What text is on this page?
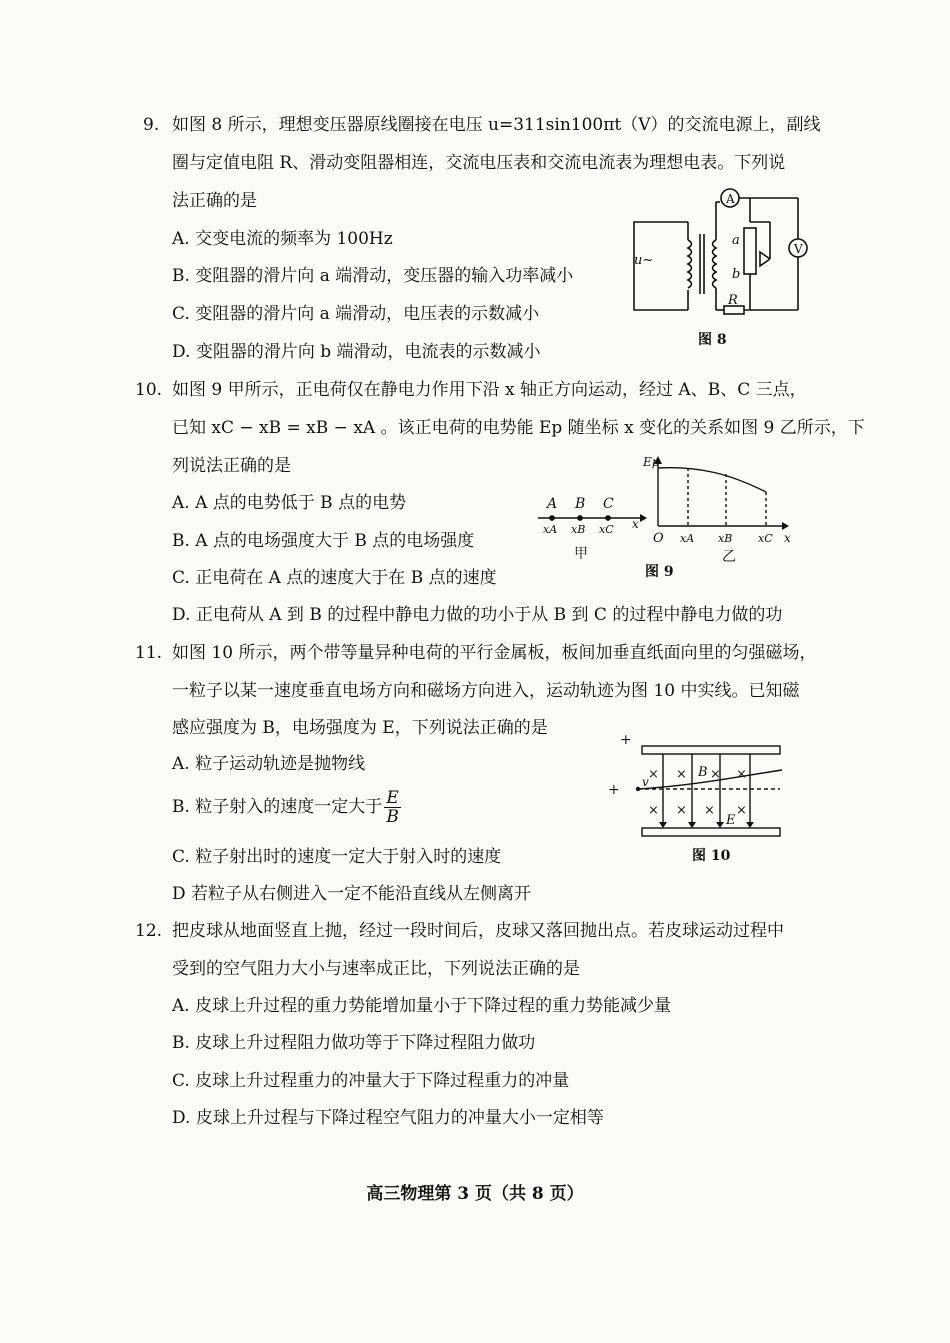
9. 如图 8 所示，理想变压器原线圈接在电压 u=311sin100πt（V）的交流电源上，副线
圈与定值电阻 R、滑动变阻器相连，交流电压表和交流电流表为理想电表。下列说
法正确的是
A. 交变电流的频率为 100Hz
B. 变阻器的滑片向 a 端滑动，变压器的输入功率减小
C. 变阻器的滑片向 a 端滑动，电压表的示数减小
D. 变阻器的滑片向 b 端滑动，电流表的示数减小
u~
A
V
a
b
R
图 8
10. 如图 9 甲所示，正电荷仅在静电力作用下沿 x 轴正方向运动，经过 A、B、C 三点，
已知 xC − xB = xB − xA 。该正电荷的电势能 Ep 随坐标 x 变化的关系如图 9 乙所示，下
列说法正确的是
A. A 点的电势低于 B 点的电势
B. A 点的电场强度大于 B 点的电场强度
C. 正电荷在 A 点的速度大于在 B 点的速度
D. 正电荷从 A 到 B 的过程中静电力做的功小于从 B 到 C 的过程中静电力做的功
A B C
xA xB xC x
甲
Ep
O xA xB xC x
乙
图 9
11. 如图 10 所示，两个带等量异种电荷的平行金属板，板间加垂直纸面向里的匀强磁场，
一粒子以某一速度垂直电场方向和磁场方向进入，运动轨迹为图 10 中实线。已知磁
感应强度为 B，电场强度为 E，下列说法正确的是
A. 粒子运动轨迹是抛物线
B. 粒子射入的速度一定大于 $\frac{E}{B}$
C. 粒子射出时的速度一定大于射入时的速度
D 若粒子从右侧进入一定不能沿直线从左侧离开
× × × ×
× × × ×
B
E
v
+
+
图 10
12. 把皮球从地面竖直上抛，经过一段时间后，皮球又落回抛出点。若皮球运动过程中
受到的空气阻力大小与速率成正比，下列说法正确的是
A. 皮球上升过程的重力势能增加量小于下降过程的重力势能减少量
B. 皮球上升过程阻力做功等于下降过程阻力做功
C. 皮球上升过程重力的冲量大于下降过程重力的冲量
D. 皮球上升过程与下降过程空气阻力的冲量大小一定相等
高三物理第 3 页（共 8 页）
